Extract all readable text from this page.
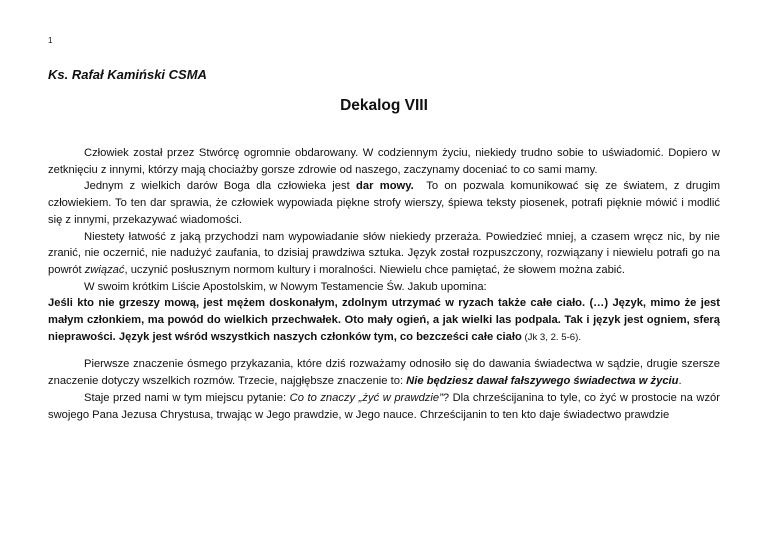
1
Ks. Rafał Kamiński CSMA
Dekalog VIII

Człowiek został przez Stwórcę ogromnie obdarowany. W codziennym życiu, niekiedy trudno sobie to uświadomić. Dopiero w zetknięciu z innymi, którzy mają chociażby gorsze zdrowie od naszego, zaczynamy doceniać to co sami mamy.

Jednym z wielkich darów Boga dla człowieka jest dar mowy.  To on pozwala komunikować się ze światem, z drugim człowiekiem. To ten dar sprawia, że człowiek wypowiada piękne strofy wierszy, śpiewa teksty piosenek, potrafi pięknie mówić i modlić się z innymi, przekazywać wiadomości.

Niestety łatwość z jaką przychodzi nam wypowiadanie słów niekiedy przeraża. Powiedzieć mniej, a czasem wręcz nic, by nie zranić, nie oczernić, nie nadużyć zaufania, to dzisiaj prawdziwa sztuka. Język został rozpuszczony, rozwiązany i niewielu potrafi go na powrót związać, uczynić posłusznym normom kultury i moralności. Niewielu chce pamiętać, że słowem można zabić.

W swoim krótkim Liście Apostolskim, w Nowym Testamencie Św. Jakub upomina:

Jeśli kto nie grzeszy mową, jest mężem doskonałym, zdolnym utrzymać w ryzach także całe ciało. (…) Język, mimo że jest małym członkiem, ma powód do wielkich przechwałek. Oto mały ogień, a jak wielki las podpala. Tak i język jest ogniem, sferą nieprawości. Język jest wśród wszystkich naszych członków tym, co bezcześci całe ciało (Jk 3, 2. 5-6).

Pierwsze znaczenie ósmego przykazania, które dziś rozważamy odnosiło się do dawania świadectwa w sądzie, drugie szersze znaczenie dotyczy wszelkich rozmów. Trzecie, najgłębsze znaczenie to: Nie będziesz dawał fałszywego świadectwa w życiu.

Staje przed nami w tym miejscu pytanie: Co to znaczy „żyć w prawdzie”? Dla chrześcijanina to tyle, co żyć w prostocie na wzór swojego Pana Jezusa Chrystusa, trwając w Jego prawdzie, w Jego nauce. Chrześcijanin to ten kto daje świadectwo prawdzie
